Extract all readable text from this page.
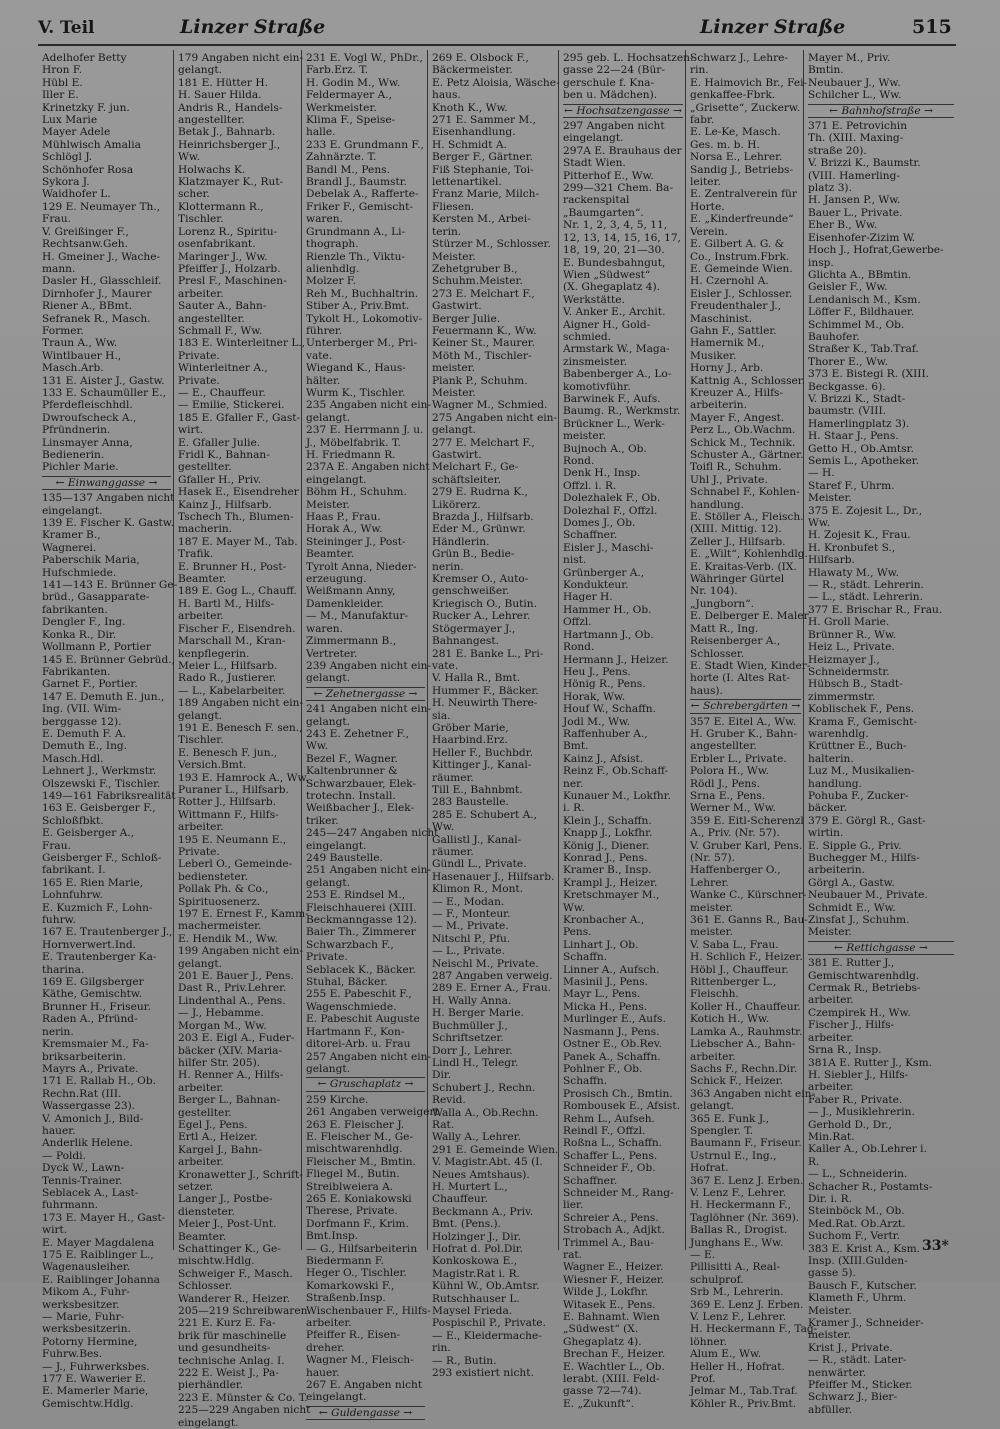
V. Teil	Linzer Straße	Linzer Straße	515
Adelhofer Betty
Hron F.
Hübl E.
Iller E.
Krinetzky F. jun.
Lux Marie
Mayer Adele
Mühlwisch Amalia
Schlögl J.
Schönhofer Rosa
Sykora J.
Waidhofer L.
129 E. Neumayer Th.,
Frau.
V. Greißinger F.,
Rechtsanw.Geh.
H. Gmeiner J., Wache-
mann.
Dasler H., Glasschleif.
Dirnhofer J., Maurer
Riener A., BBmt.
Sefranek R., Masch.
Former.
Traun A., Ww.
Wintlbauer H.,
Masch.Arb.
131 E. Aister J., Gastw.
133 E. Schaumüller E.,
Pferdefleischhdl.
Dwroufscheck A.,
Pfründnerin.
Linsmayer Anna,
Bedienerin.
Pichler Marie.
← Einwanggasse →
135—137 Angaben nicht
eingelangt.
139 E. Fischer K. Gastw.
Kramer B.,
Wagnerei.
Paberschik Maria,
Hufschmiede.
141—143 E. Brünner Ge-
brüd., Gasapparate-
fabrikanten.
Dengler F., Ing.
Konka R., Dir.
Wollmann P., Portier
145 E. Brünner Gebrüd.,
Fabrikanten.
Garnet F., Portier.
147 E. Demuth E. jun.,
Ing. (VII. Wim-
berggasse 12).
E. Demuth F. A.
Demuth E., Ing.
Masch.Hdl.
Lehnert J., Werkmstr.
Olszewski F., Tischler.
149—161 Fabriksrealität
163 E. Geisberger F.,
Schloßfbkt.
E. Geisberger A.,
Frau.
Geisberger F., Schloß-
fabrikant. I.
165 E. Rien Marie,
Lohnfuhrw.
E. Kuzmich F., Lohn-
fuhrw.
167 E. Trautenberger J.,
Hornverwert.Ind.
E. Trautenberger Ka-
tharina.
169 E. Gilgsberger
Käthe, Gemischtw.
Brunner H., Friseur.
Raden A., Pfründ-
nerin.
Kremsmaier M., Fa-
briksarbeiterin.
Mayrs A., Private.
171 E. Rallab H., Ob.
Rechn.Rat (III.
Wassergasse 23).
V. Amonich J., Bild-
hauer.
Anderlik Helene.
— Poldi.
Dyck W., Lawn-
Tennis-Trainer.
Seblacek A., Last-
fuhrmann.
173 E. Mayer H., Gast-
wirt.
E. Mayer Magdalena
175 E. Raiblinger L.,
Wagenausleiher.
E. Raiblinger Johanna
Mikom A., Fuhr-
werksbesitzer.
— Marie, Fuhr-
werksbesitzerin.
Potorny Hermine,
Fuhrw.Bes.
— J., Fuhrwerksbes.
177 E. Wawerier E.
E. Mamerler Marie,
Gemischtw.Hdlg.
179 Angaben nicht ein-
gelangt.
181 E. Hütter H.
H. Sauer Hilda.
Andris R., Handels-
angestellter.
Betak J., Bahnarb.
Heinrichsberger J.,
Ww.
Holwachs K.
Klatzmayer K., Rut-
scher.
Klottermann R.,
Tischler.
Lorenz R., Spiritu-
osenfabrikant.
Maringer J., Ww.
Pfeiffer J., Holzarb.
Presl F., Maschinen-
arbeiter.
Sauter A., Bahn-
angestellter.
Schmall F., Ww.
183 E. Winterleitner L.,
Private.
Winterleitner A.,
Private.
— E., Chauffeur.
— Emilie, Stickerei.
185 E. Gfaller F., Gast-
wirt.
E. Gfaller Julie.
Fridl K., Bahnan-
gestellter.
Gfaller H., Priv.
Hasek E., Eisendreher
Kainz J., Hilfsarb.
Tschech Th., Blumen-
macherin.
187 E. Mayer M., Tab.
Trafik.
E. Brunner H., Post-
Beamter.
189 E. Gog L., Chauff.
H. Bartl M., Hilfs-
arbeiter.
Fischer F., Eisendreh.
Marschall M., Kran-
kenpflegerin.
Meier L., Hilfsarb.
Rado R., Justierer.
— L., Kabelarbeiter.
189 Angaben nicht ein-
gelangt.
191 E. Benesch F. sen.,
Tischler.
E. Benesch F. jun.,
Versich.Bmt.
193 E. Hamrock A., Ww.
Puraner L., Hilfsarb.
Rotter J., Hilfsarb.
Wittmann F., Hilfs-
arbeiter.
195 E. Neumann E.,
Private.
Leberl O., Gemeinde-
bediensteter.
Pollak Ph. & Co.,
Spirituosenerz.
197 E. Ernest F., Kamm-
machermeister.
E. Hendik M., Ww.
199 Angaben nicht ein-
gelangt.
201 E. Bauer J., Pens.
Dast R., Priv.Lehrer.
Lindenthal A., Pens.
— J., Hebamme.
Morgan M., Ww.
203 E. Eigl A., Fuder-
bäcker (XIV. Maria-
hilfer Str. 205).
H. Renner A., Hilfs-
arbeiter.
Berger L., Bahnan-
gestellter.
Egel J., Pens.
Ertl A., Heizer.
Kargel J., Bahn-
arbeiter.
Kronawetter J., Schrift-
setzer.
Langer J., Postbe-
diensteter.
Meier J., Post-Unt.
Beamter.
Schattinger K., Ge-
mischtw.Hdlg.
Schweiger F., Masch.
Schlosser.
Wanderer R., Heizer.
205—219 Schreibwaren
221 E. Kurz E. Fa-
brik für maschinelle
und gesundheits-
technische Anlag. I.
222 E. Weist J., Pa-
pierhändler.
223 E. Münster & Co. T.
225—229 Angaben nicht
eingelangt.
231 E. Vogl W., PhDr.,
Farb.Erz. T.
H. Godin M., Ww.
Feldermayer A.,
Werkmeister.
Klima F., Speise-
halle.
233 E. Grundmann F.,
Zahnärzte. T.
Bandl M., Pens.
Brandl J., Baumstr.
Debelak A., Rafferte-
Friker F., Gemischt-
waren.
Grundmann A., Li-
thograph.
Rienzle Th., Viktu-
alienhdlg.
Molzer F.
Reh M., Buchhaltrin.
Stiber A., Priv.Bmt.
Tykolt H., Lokomotiv-
führer.
Unterberger M., Pri-
vate.
Wiegand K., Haus-
hälter.
Wurm K., Tischler.
235 Angaben nicht ein-
gelangt.
237 E. Herrmann J. u.
J., Möbelfabrik. T.
H. Friedmann R.
237A E. Angaben nicht
eingelangt.
Böhm H., Schuhm.
Meister.
Haas P., Frau.
Horak A., Ww.
Steininger J., Post-
Beamter.
Tyrolt Anna, Nieder-
erzeugung.
Weißmann Anny,
Damenkleider.
— M., Manufaktur-
waren.
Zimmermann B.,
Vertreter.
239 Angaben nicht ein-
gelangt.
← Zehetnergasse →
241 Angaben nicht ein-
gelangt.
243 E. Zehetner F.,
Ww.
Bezel F., Wagner.
Kaltenbrunner &
Schwarzbauer, Elek-
trotechn. Install.
Weißbacher J., Elek-
triker.
245—247 Angaben nicht
eingelangt.
249 Baustelle.
251 Angaben nicht ein-
gelangt.
253 E. Rindsel M.,
Fleischhauerei (XIII.
Beckmanngasse 12).
Baier Th., Zimmerer
Schwarzbach F.,
Private.
Seblacek K., Bäcker.
Stuhal, Bäcker.
255 E. Pabeschit F.,
Wagenschmiede.
E. Pabeschit Auguste
Hartmann F., Kon-
ditorei-Arb. u. Frau
257 Angaben nicht ein-
gelangt.
← Gruschaplatz →
259 Kirche.
261 Angaben verweigert
263 E. Fleischer J.
E. Fleischer M., Ge-
mischtwarenhdlg.
Fleischer M., Bmtin.
Fliegel M., Butin.
Streiblweiera A.
265 E. Koniakowski
Therese, Private.
Dorfmann F., Krim.
Bmt.Insp.
— G., Hilfsarbeiterin
Biedermann F.
Heger O., Tischler.
Komarkowski F.,
Straßenb.Insp.
Wischenbauer F., Hilfs-
arbeiter.
Pfeiffer R., Eisen-
dreher.
Wagner M., Fleisch-
hauer.
267 E. Angaben nicht
eingelangt.
← Guldengasse →
269 E. Olsbock F.,
Bäckermeister.
E. Petz Aloisia, Wäsche-
haus.
Knoth K., Ww.
271 E. Sammer M.,
Eisenhandlung.
H. Schmidt A.
Berger F., Gärtner.
Fiß Stephanie, Toi-
lettenartikel.
Franz Marie, Milch-
Fliesen.
Kersten M., Arbei-
terin.
Stürzer M., Schlosser.
Meister.
Zehetgruber B.,
Schuhm.Meister.
273 E. Melchart F.,
Gastwirt.
Berger Julie.
Feuermann K., Ww.
Keiner St., Maurer.
Möth M., Tischler-
meister.
Plank P., Schuhm.
Meister.
Wagner M., Schmied.
275 Angaben nicht ein-
gelangt.
277 E. Melchart F.,
Gastwirt.
Melchart F., Ge-
schäftsleiter.
279 E. Rudrna K.,
Likörerz.
Brazda J., Hilfsarb.
Eder M., Grünwr.
Händlerin.
Grün B., Bedie-
nerin.
Kremser O., Auto-
genschweißer.
Kriegisch O., Butin.
Rucker A., Lehrer.
Stögermayer J.,
Bahnangest.
281 E. Banke L., Pri-
vate.
V. Halla R., Bmt.
Hummer F., Bäcker.
H. Neuwirth There-
sia.
Gröber Marie,
Haarbind.Erz.
Heller F., Buchbdr.
Kittinger J., Kanal-
räumer.
Till E., Bahnbmt.
283 Baustelle.
285 E. Schubert A.,
Ww.
Gallistl J., Kanal-
räumer.
Gündl L., Private.
Hasenauer J., Hilfsarb.
Klimon R., Mont.
— E., Modan.
— F., Monteur.
— M., Private.
Nitschl P., Pfu.
— L., Private.
Neischl M., Private.
287 Angaben verweig.
289 E. Erner A., Frau.
H. Wally Anna.
H. Berger Marie.
Buchmüller J.,
Schriftsetzer.
Dorr J., Lehrer.
Lindl H., Telegr.
Dir.
Schubert J., Rechn.
Revid.
Walla A., Ob.Rechn.
Rat.
Wally A., Lehrer.
291 E. Gemeinde Wien.
V. Magistr.Abt. 45 (I.
Neues Amtshaus).
H. Murtert L.,
Chauffeur.
Beckmann A., Priv.
Bmt. (Pens.).
Holzinger J., Dir.
Hofrat d. Pol.Dir.
Konkoskowa E.,
Magistr.Rat i. R.
Kühnl W., Ob.Amtsr.
Rutschhauser L.
Maysel Frieda.
Pospischil P., Private.
— E., Kleidermache-
rin.
— R., Butin.
293 existiert nicht.
295 geb. L. Hochsatzen-
gasse 22—24 (Bür-
gerschule f. Kna-
ben u. Mädchen).
← Hochsatzengasse →
297 Angaben nicht
eingelangt.
297A E. Brauhaus der
Stadt Wien.
Pitterhof E., Ww.
299—321 Chem. Ba-
rackenspital
„Baumgarten“.
Nr. 1, 2, 3, 4, 5, 11,
12, 13, 14, 15, 16, 17,
18, 19, 20, 21—30.
E. Bundesbahngut,
Wien „Südwest“
(X. Ghegaplatz 4).
Werkstätte.
V. Anker E., Archit.
Aigner H., Gold-
schmied.
Armstark W., Maga-
zinsmeister.
Babenberger A., Lo-
komotivführ.
Barwinek F., Aufs.
Baumg. R., Werkmstr.
Brückner L., Werk-
meister.
Bujnoch A., Ob.
Rond.
Denk H., Insp.
Offzl. i. R.
Dolezhalek F., Ob.
Dolezhal F., Offzl.
Domes J., Ob.
Schaffner.
Eisler J., Maschi-
nist.
Grünberger A.,
Kondukteur.
Hager H.
Hammer H., Ob.
Offzl.
Hartmann J., Ob.
Rond.
Hermann J., Heizer.
Heu J., Pens.
Hönig R., Pens.
Horak, Ww.
Houf W., Schaffn.
Jodl M., Ww.
Raffenhuber A.,
Bmt.
Kainz J., Afsist.
Reinz F., Ob.Schaff-
ner.
Kunauer M., Lokfhr.
i. R.
Klein J., Schaffn.
Knapp J., Lokfhr.
König J., Diener.
Konrad J., Pens.
Kramer B., Insp.
Krampl J., Heizer.
Kretschmayer M.,
Ww.
Kronbacher A.,
Pens.
Linhart J., Ob.
Schaffn.
Linner A., Aufsch.
Masinil J., Pens.
Mayr L., Pens.
Micka H., Pens.
Murlinger E., Aufs.
Nasmann J., Pens.
Ostner E., Ob.Rev.
Panek A., Schaffn.
Pohlner F., Ob.
Schaffn.
Prosisch Ch., Bmtin.
Rombousek E., Afsist.
Rehm L., Aufseh.
Reindl F., Offzl.
Roßna L., Schaffn.
Schaffer L., Pens.
Schneider F., Ob.
Schaffner.
Schneider M., Rang-
lier.
Schreier A., Pens.
Strobach A., Adjkt.
Trimmel A., Bau-
rat.
Wagner E., Heizer.
Wiesner F., Heizer.
Wilde J., Lokfhr.
Witasek E., Pens.
E. Bahnamt. Wien
„Südwest“ (X.
Ghegaplatz 4).
Brechan F., Heizer.
E. Wachtler L., Ob.
lerabt. (XIII. Feld-
gasse 72—74).
E. „Zukunft“.
Schwarz J., Lehre-
rin.
E. Haimovich Br., Fei-
genkaffee-Fbrk.
„Grisette“, Zuckerw.
fabr.
E. Le-Ke, Masch.
Ges. m. b. H.
Norsa E., Lehrer.
Sandig J., Betriebs-
leiter.
E. Zentralverein für
Horte.
E. „Kinderfreunde“
Verein.
E. Gilbert A. G. &
Co., Instrum.Fbrk.
E. Gemeinde Wien.
H. Czernohl A.
Eisler J., Schlosser.
Freudenthaler J.,
Maschinist.
Gahn F., Sattler.
Hamernik M.,
Musiker.
Horny J., Arb.
Kattnig A., Schlosser.
Kreuzer A., Hilfs-
arbeiterin.
Mayer F., Angest.
Perz L., Ob.Wachm.
Schick M., Technik.
Schuster A., Gärtner.
Toifl R., Schuhm.
Uhl J., Private.
Schnabel F., Kohlen-
handlung.
E. Stöller A., Fleisch.
(XIII. Mittig. 12).
Zeller J., Hilfsarb.
E. „Wilt“, Kohlenhdlg.
E. Kraitas-Verb. (IX.
Währinger Gürtel
Nr. 104).
„Jungborn“.
E. Delberger E. Maler
Matt R., Ing.
Reisenberger A.,
Schlosser.
E. Stadt Wien, Kinder-
horte (I. Altes Rat-
haus).
← Schrebergärten →
357 E. Eitel A., Ww.
H. Gruber K., Bahn-
angestellter.
Erbler L., Private.
Polora H., Ww.
Rödl J., Pens.
Srna E., Pens.
Werner M., Ww.
359 E. Eitl-Scherenzl
A., Priv. (Nr. 57).
V. Gruber Karl, Pens.
(Nr. 57).
Haffenberger O.,
Lehrer.
Wanke C., Kürschner-
meister.
361 E. Ganns R., Bau-
meister.
V. Saba L., Frau.
H. Schlich F., Heizer.
Höbl J., Chauffeur.
Rittenberger L.,
Fleischh.
Koller H., Chauffeur.
Kotich H., Ww.
Lamka A., Rauhmstr.
Liebscher A., Bahn-
arbeiter.
Sachs F., Rechn.Dir.
Schick F., Heizer.
363 Angaben nicht ein-
gelangt.
365 E. Funk J.,
Spengler. T.
Baumann F., Friseur.
Ustrnul E., Ing.,
Hofrat.
367 E. Lenz J. Erben.
V. Lenz F., Lehrer.
H. Heckermann F.,
Taglöhner (Nr. 369).
Ballas R., Drogist.
Junghans E., Ww.
— E.
Pillisitti A., Real-
schulprof.
Srb M., Lehrerin.
369 E. Lenz J. Erben.
V. Lenz F., Lehrer.
H. Heckermann F., Tag-
löhner.
Alum E., Ww.
Heller H., Hofrat.
Prof.
Jelmar M., Tab.Traf.
Köhler R., Priv.Bmt.
Mayer M., Priv.
Bmtin.
Neubauer J., Ww.
Schilcher L., Ww.
← Bahnhofstraße →
371 E. Petrovichin
Th. (XIII. Maxing-
straße 20).
V. Brizzi K., Baumstr.
(VIII. Hamerling-
platz 3).
H. Jansen P., Ww.
Bauer L., Private.
Eher B., Ww.
Eisenhofer-Zizim W.
Hoch J., Hofrat,Gewerbe-
insp.
Glichta A., BBmtin.
Geisler F., Ww.
Lendanisch M., Ksm.
Löffer F., Bildhauer.
Schimmel M., Ob.
Bauhofer.
Straßer K., Tab.Traf.
Thorer E., Ww.
373 E. Bistegi R. (XIII.
Beckgasse. 6).
V. Brizzi K., Stadt-
baumstr. (VIII.
Hamerlingplatz 3).
H. Staar J., Pens.
Getto H., Ob.Amtsr.
Semis L., Apotheker.
— H.
Staref F., Uhrm.
Meister.
375 E. Zojesit L., Dr.,
Ww.
H. Zojesit K., Frau.
H. Kronbufet S.,
Hilfsarb.
Hlawaty M., Ww.
— R., städt. Lehrerin.
— L., städt. Lehrerin.
377 E. Brischar R., Frau.
H. Groll Marie.
Brünner R., Ww.
Heiz L., Private.
Heizmayer J.,
Schneidermstr.
Hübsch B., Stadt-
zimmermstr.
Koblischek F., Pens.
Krama F., Gemischt-
warenhdlg.
Krüttner E., Buch-
halterin.
Luz M., Musikalien-
handlung.
Pohuba F., Zucker-
bäcker.
379 E. Görgl R., Gast-
wirtin.
E. Sipple G., Priv.
Buchegger M., Hilfs-
arbeiterin.
Görgl A., Gastw.
Neubauer M., Private.
Schmidt E., Ww.
Zinsfat J., Schuhm.
Meister.
← Rettichgasse →
381 E. Rutter J.,
Gemischtwarenhdlg.
Cermak R., Betriebs-
arbeiter.
Czempirek H., Ww.
Fischer J., Hilfs-
arbeiter.
Srna R., Insp.
381A E. Rutter J., Ksm.
H. Siebler J., Hilfs-
arbeiter.
Faber R., Private.
— J., Musiklehrerin.
Gerhold D., Dr.,
Min.Rat.
Kaller A., Ob.Lehrer i.
R.
— L., Schneiderin.
Schacher R., Postamts-
Dir. i. R.
Steinböck M., Ob.
Med.Rat. Ob.Arzt.
Suchom F., Vertr.
383 E. Krist A., Ksm.
Insp. (XIII.Gulden-
gasse 5).
Bausch F., Kutscher.
Klameth F., Uhrm.
Meister.
Kramer J., Schneider-
meister.
Krist J., Private.
— R., städt. Later-
nenwärter.
Pfeiffer M., Sticker.
Schwarz J., Bier-
abfüller.
33*
